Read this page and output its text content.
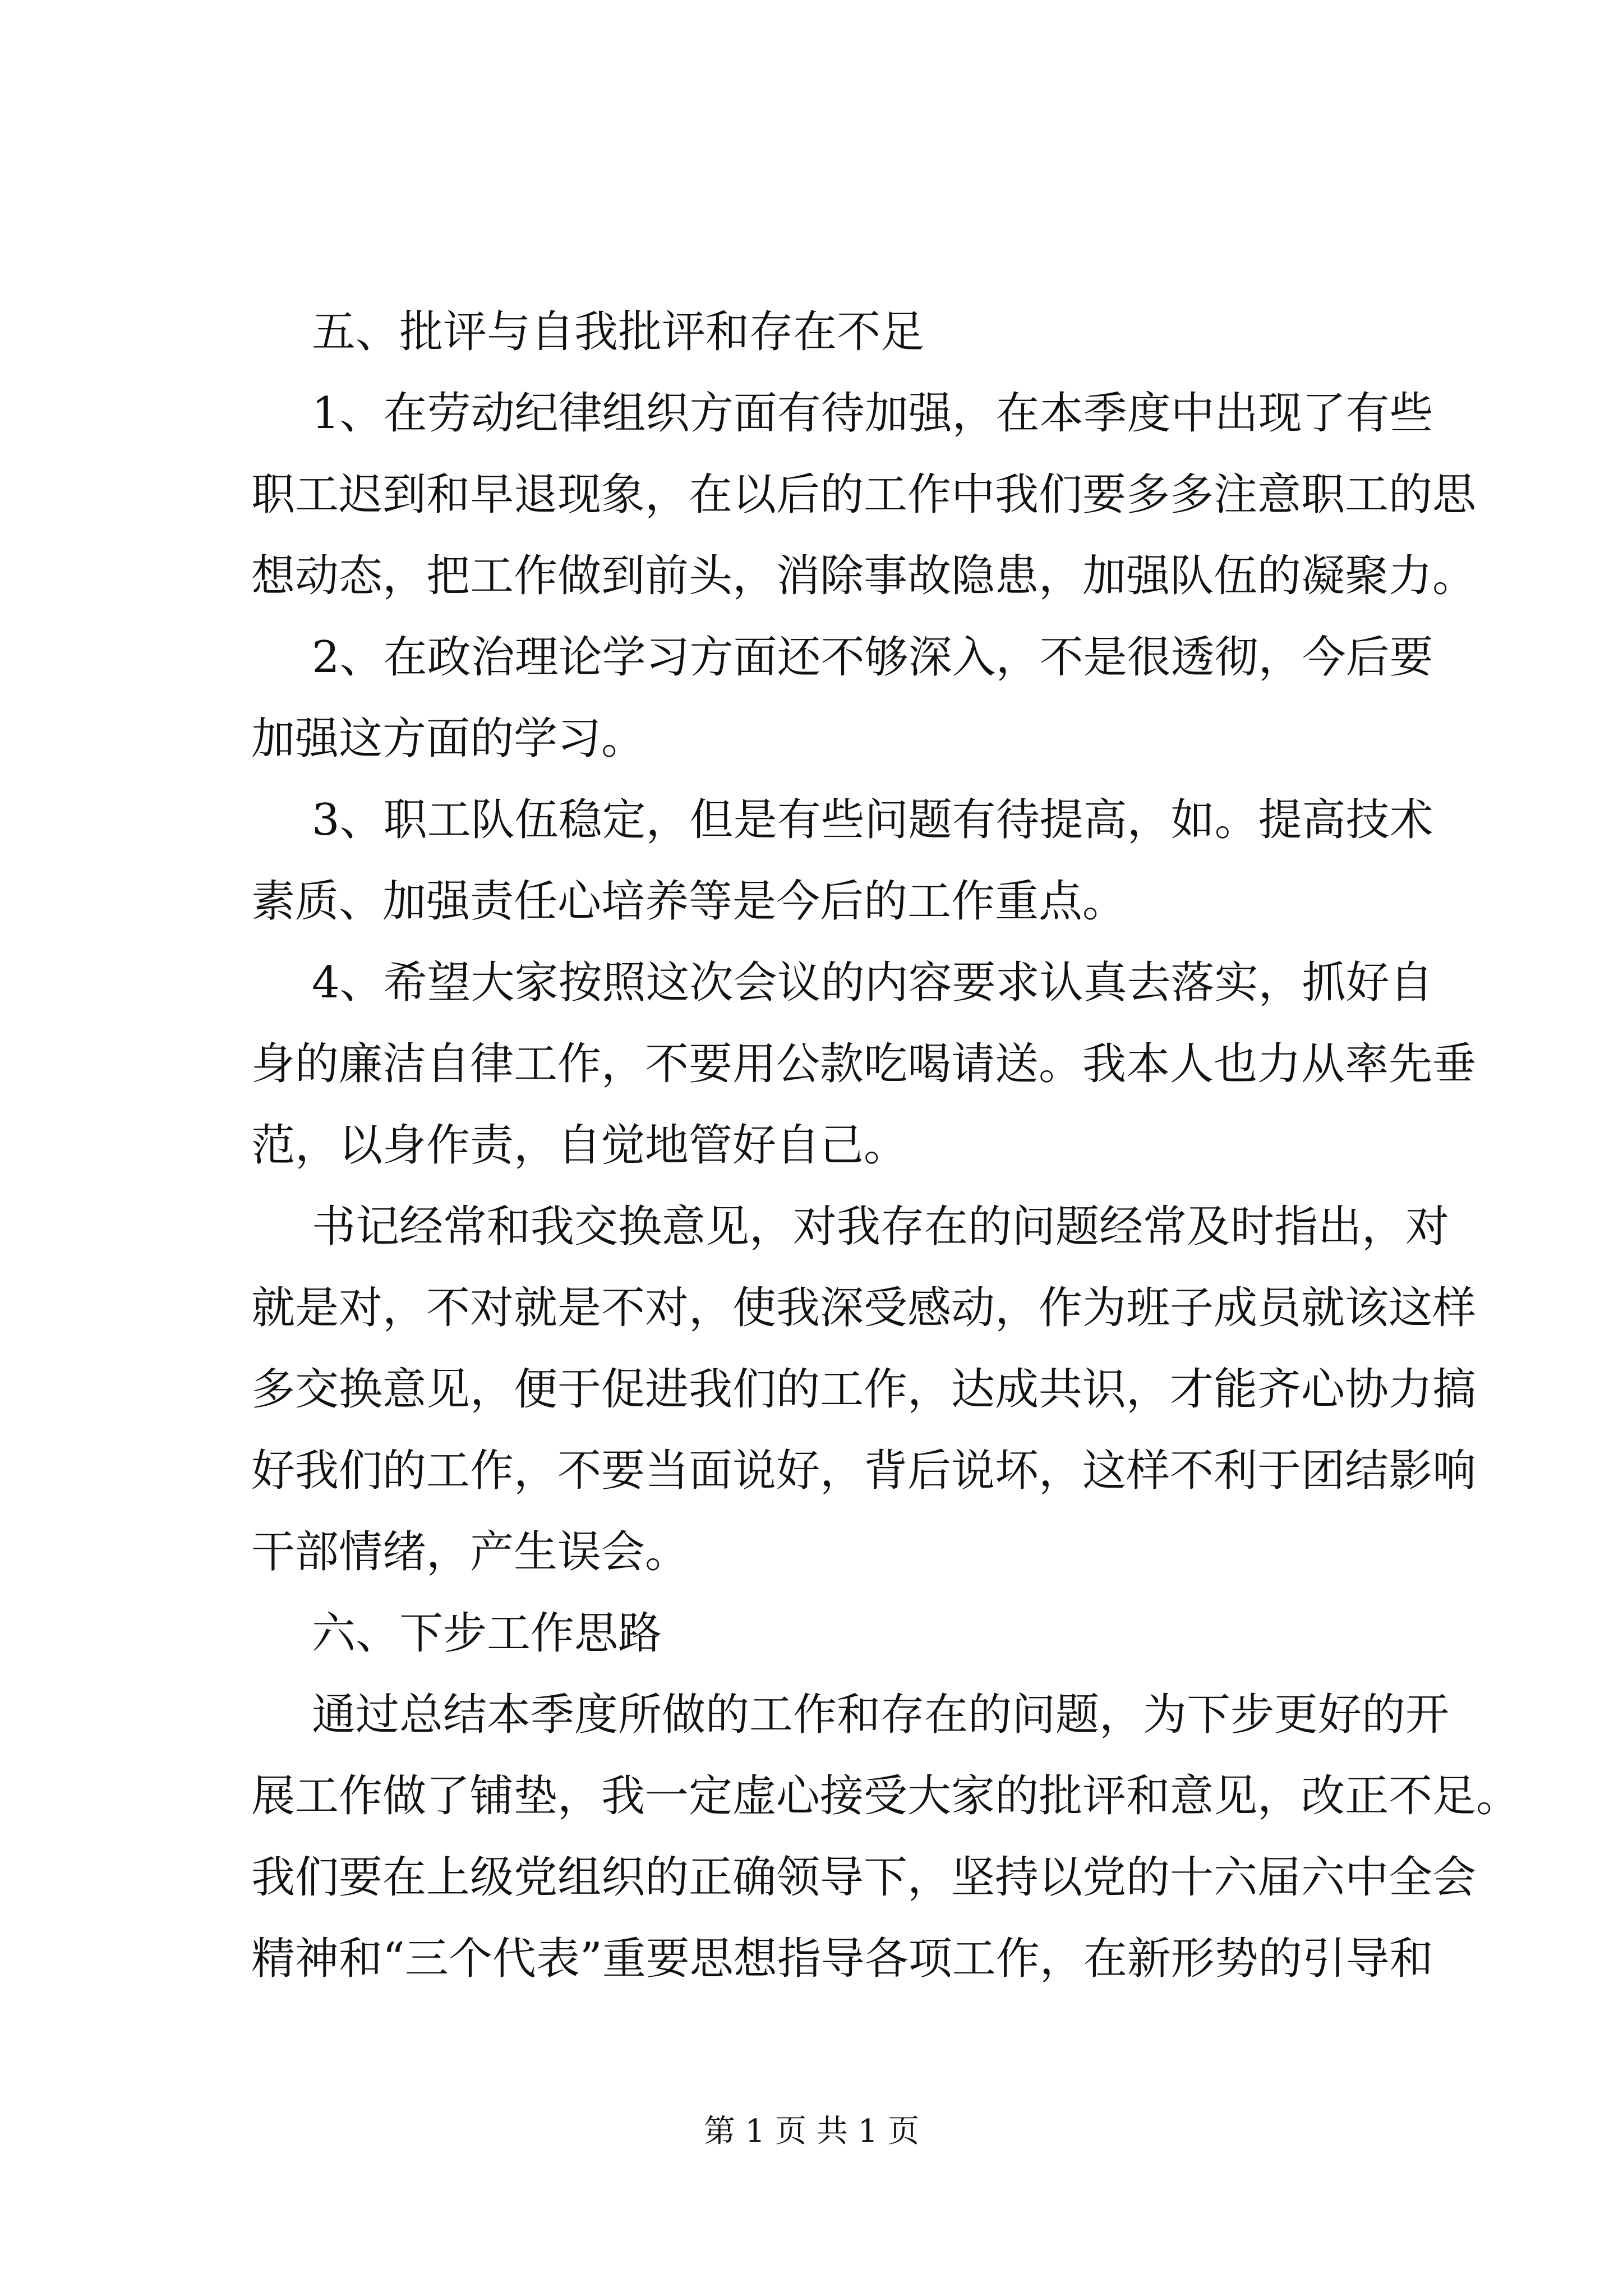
五、批评与自我批评和存在不足
1、在劳动纪律组织方面有待加强，在本季度中出现了有些
职工迟到和早退现象，在以后的工作中我们要多多注意职工的思
想动态，把工作做到前头，消除事故隐患，加强队伍的凝聚力。
2、在政治理论学习方面还不够深入，不是很透彻，今后要
加强这方面的学习。
3、职工队伍稳定，但是有些问题有待提高，如。提高技术
素质、加强责任心培养等是今后的工作重点。
4、希望大家按照这次会议的内容要求认真去落实，抓好自
身的廉洁自律工作，不要用公款吃喝请送。我本人也力从率先垂
范，以身作责，自觉地管好自己。
书记经常和我交换意见，对我存在的问题经常及时指出，对
就是对，不对就是不对，使我深受感动，作为班子成员就该这样
多交换意见，便于促进我们的工作，达成共识，才能齐心协力搞
好我们的工作，不要当面说好，背后说坏，这样不利于团结影响
干部情绪，产生误会。
六、下步工作思路
通过总结本季度所做的工作和存在的问题，为下步更好的开
展工作做了铺垫，我一定虚心接受大家的批评和意见，改正不足。
我们要在上级党组织的正确领导下，坚持以党的十六届六中全会
精神和“三个代表”重要思想指导各项工作，在新形势的引导和
第 1 页 共 1 页
